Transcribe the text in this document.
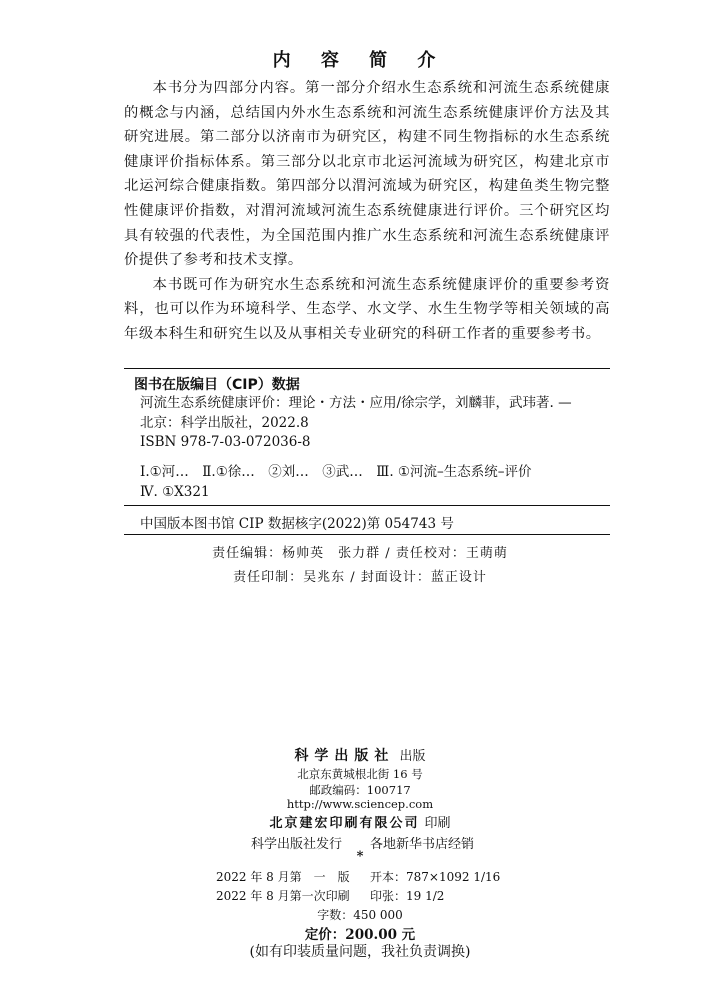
内 容 简 介

本书分为四部分内容。第一部分介绍水生态系统和河流生态系统健康的概念与内涵，总结国内外水生态系统和河流生态系统健康评价方法及其研究进展。第二部分以济南市为研究区，构建不同生物指标的水生态系统健康评价指标体系。第三部分以北京市北运河流域为研究区，构建北京市北运河综合健康指数。第四部分以渭河流域为研究区，构建鱼类生物完整性健康评价指数，对渭河流域河流生态系统健康进行评价。三个研究区均具有较强的代表性，为全国范围内推广水生态系统和河流生态系统健康评价提供了参考和技术支撑。

本书既可作为研究水生态系统和河流生态系统健康评价的重要参考资料，也可以作为环境科学、生态学、水文学、水生生物学等相关领域的高年级本科生和研究生以及从事相关专业研究的科研工作者的重要参考书。

图书在版编目（CIP）数据
河流生态系统健康评价：理论・方法・应用/徐宗学，刘麟菲，武玮著. —
北京：科学出版社，2022.8
ISBN 978-7-03-072036-8
Ⅰ.①河…　Ⅱ.①徐…　②刘…　③武…　Ⅲ. ①河流–生态系统–评价
Ⅳ. ①X321
中国版本图书馆 CIP 数据核字(2022)第 054743 号
责任编辑：杨帅英　张力群 / 责任校对：王萌萌
责任印制：吴兆东 / 封面设计：蓝正设计
科学出版社 出版
北京东黄城根北街 16 号
邮政编码：100717
http://www.sciencep.com
北京建宏印刷有限公司 印刷
科学出版社发行 各地新华书店经销
*
2022 年 8 月第　一　版 开本：787×1092 1/16
2022 年 8 月第一次印刷 印张：19 1/2
字数：450 000
定价：200.00 元
(如有印装质量问题，我社负责调换)
